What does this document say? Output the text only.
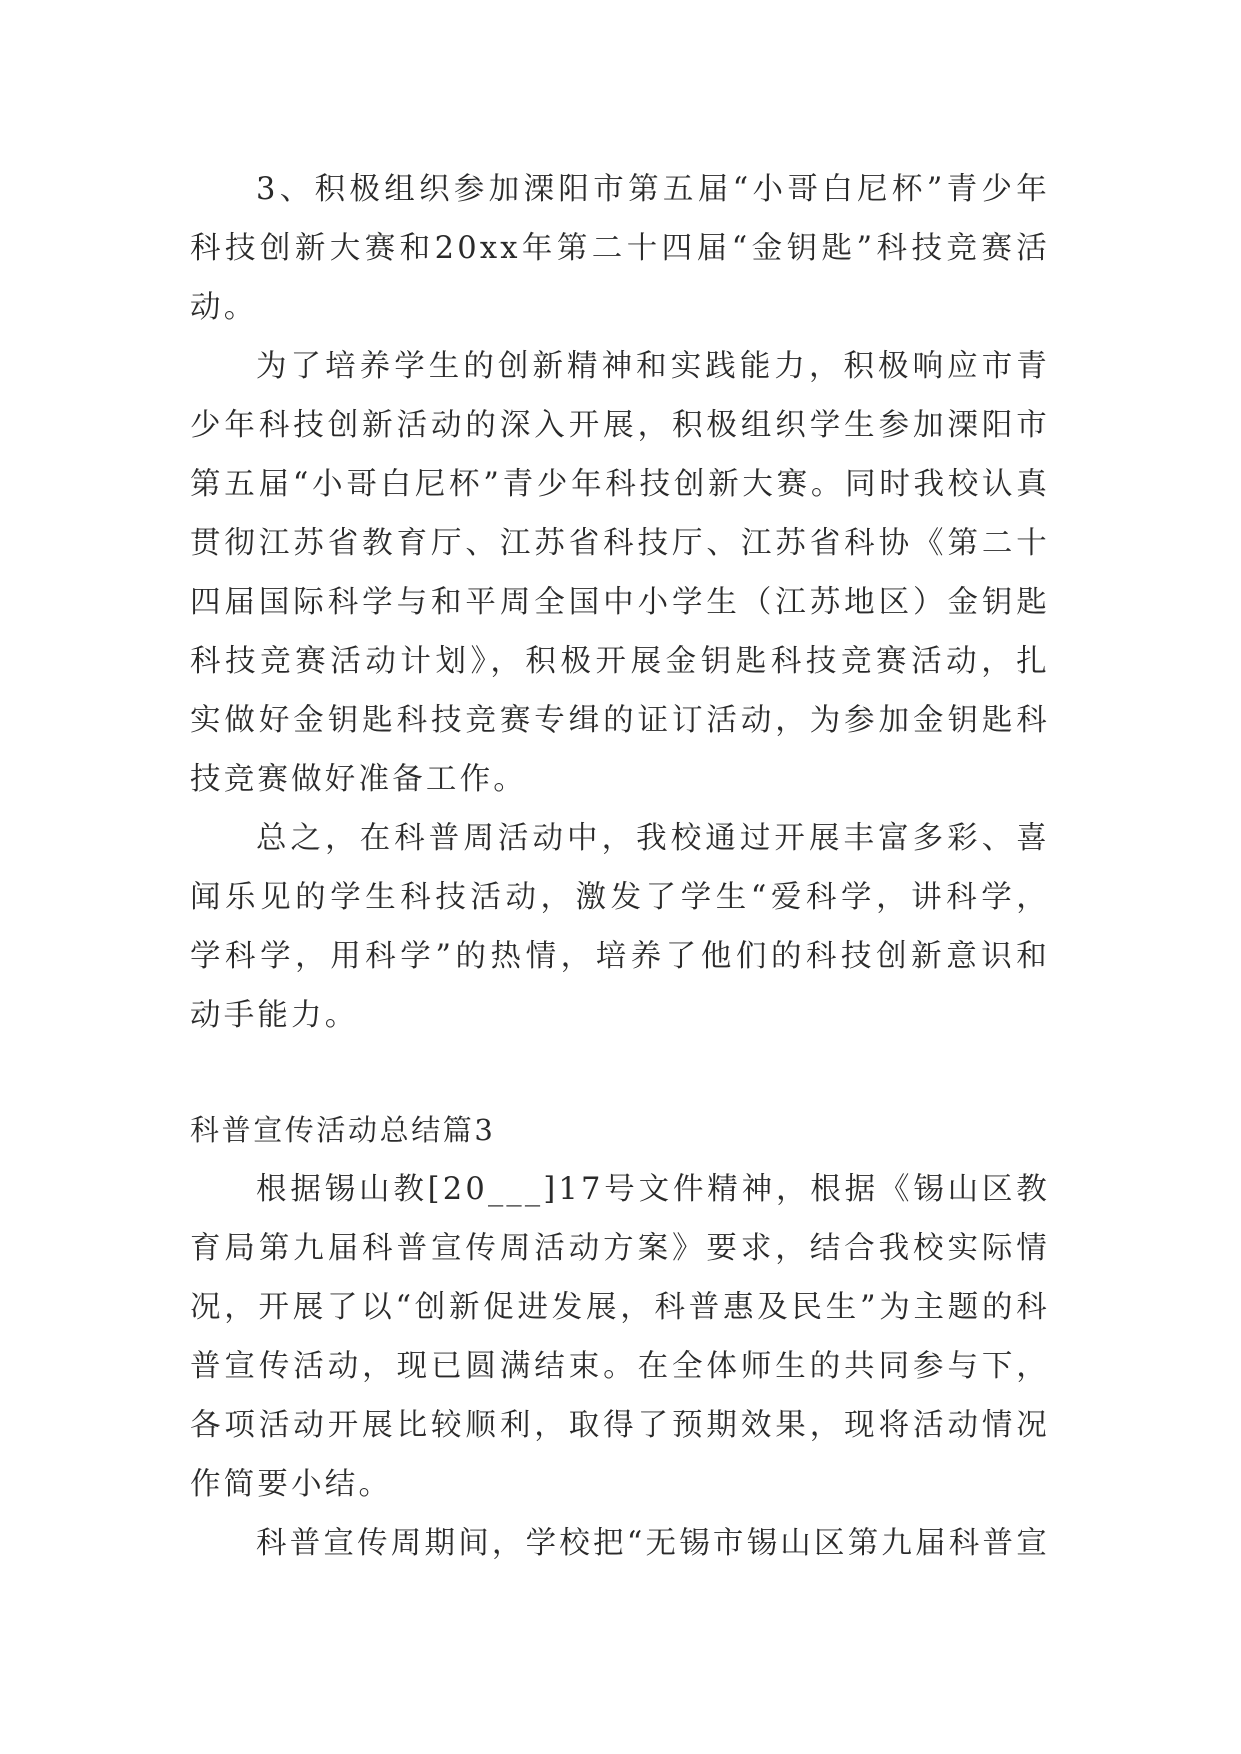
3、积极组织参加溧阳市第五届“小哥白尼杯”青少年科技创新大赛和20xx年第二十四届“金钥匙”科技竞赛活动。

为了培养学生的创新精神和实践能力，积极响应市青少年科技创新活动的深入开展，积极组织学生参加溧阳市第五届“小哥白尼杯”青少年科技创新大赛。同时我校认真贯彻江苏省教育厅、江苏省科技厅、江苏省科协《第二十四届国际科学与和平周全国中小学生（江苏地区）金钥匙科技竞赛活动计划》，积极开展金钥匙科技竞赛活动，扎实做好金钥匙科技竞赛专缉的证订活动，为参加金钥匙科技竞赛做好准备工作。

总之，在科普周活动中，我校通过开展丰富多彩、喜闻乐见的学生科技活动，激发了学生“爱科学，讲科学，学科学，用科学”的热情，培养了他们的科技创新意识和动手能力。

科普宣传活动总结篇3

根据锡山教[20___]17号文件精神，根据《锡山区教育局第九届科普宣传周活动方案》要求，结合我校实际情况，开展了以“创新促进发展，科普惠及民生”为主题的科普宣传活动，现已圆满结束。在全体师生的共同参与下，各项活动开展比较顺利，取得了预期效果，现将活动情况作简要小结。

科普宣传周期间，学校把“无锡市锡山区第九届科普宣
